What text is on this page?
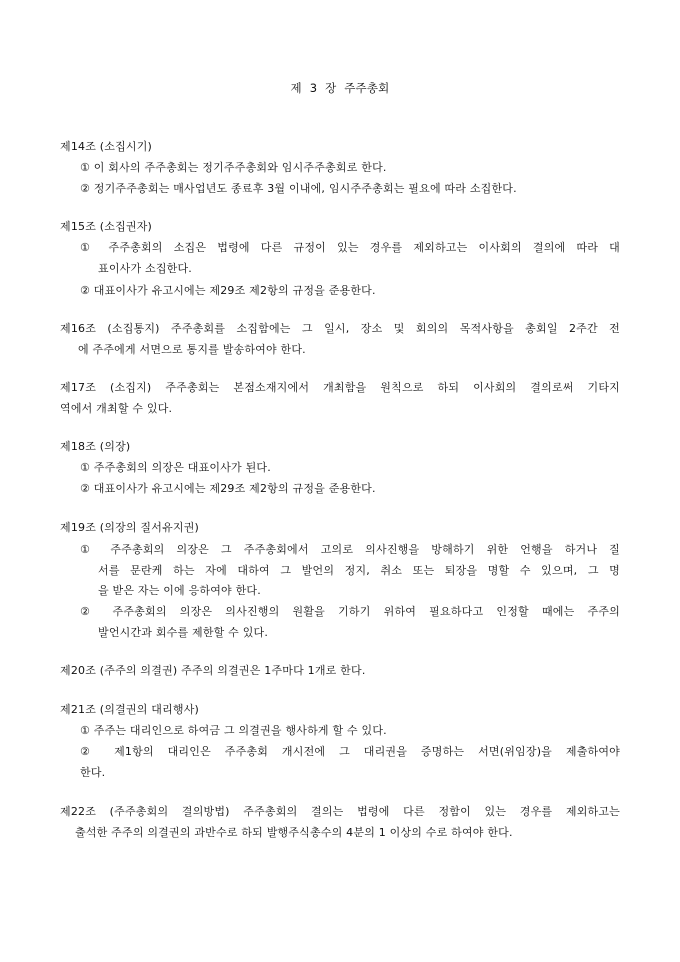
제 3 장 주주총회
제14조 (소집시기)
① 이 회사의 주주총회는 정기주주총회와 임시주주총회로 한다.
② 정기주주총회는 매사업년도 종료후 3월 이내에, 임시주주총회는 필요에 따라 소집한다.
제15조 (소집권자)
① 주주총회의 소집은 법령에 다른 규정이 있는 경우를 제외하고는 이사회의 결의에 따라 대
표이사가 소집한다.
② 대표이사가 유고시에는 제29조 제2항의 규정을 준용한다.
제16조 (소집통지) 주주총회를 소집함에는 그 일시, 장소 및 회의의 목적사항을 총회일 2주간 전
에 주주에게 서면으로 통지를 발송하여야 한다.
제17조 (소집지) 주주총회는 본점소재지에서 개최함을 원칙으로 하되 이사회의 결의로써 기타지
역에서 개최할 수 있다.
제18조 (의장)
① 주주총회의 의장은 대표이사가 된다.
② 대표이사가 유고시에는 제29조 제2항의 규정을 준용한다.
제19조 (의장의 질서유지권)
① 주주총회의 의장은 그 주주총회에서 고의로 의사진행을 방해하기 위한 언행을 하거나 질
서를 문란케 하는 자에 대하여 그 발언의 정지, 취소 또는 퇴장을 명할 수 있으며, 그 명
을 받은 자는 이에 응하여야 한다.
② 주주총회의 의장은 의사진행의 원활을 기하기 위하여 필요하다고 인정할 때에는 주주의
발언시간과 회수를 제한할 수 있다.
제20조 (주주의 의결권) 주주의 의결권은 1주마다 1개로 한다.
제21조 (의결권의 대리행사)
① 주주는 대리인으로 하여금 그 의결권을 행사하게 할 수 있다.
② 제1항의 대리인은 주주총회 개시전에 그 대리권을 증명하는 서면(위임장)을 제출하여야
한다.
제22조 (주주총회의 결의방법) 주주총회의 결의는 법령에 다른 정함이 있는 경우를 제외하고는
출석한 주주의 의결권의 과반수로 하되 발행주식총수의 4분의 1 이상의 수로 하여야 한다.
